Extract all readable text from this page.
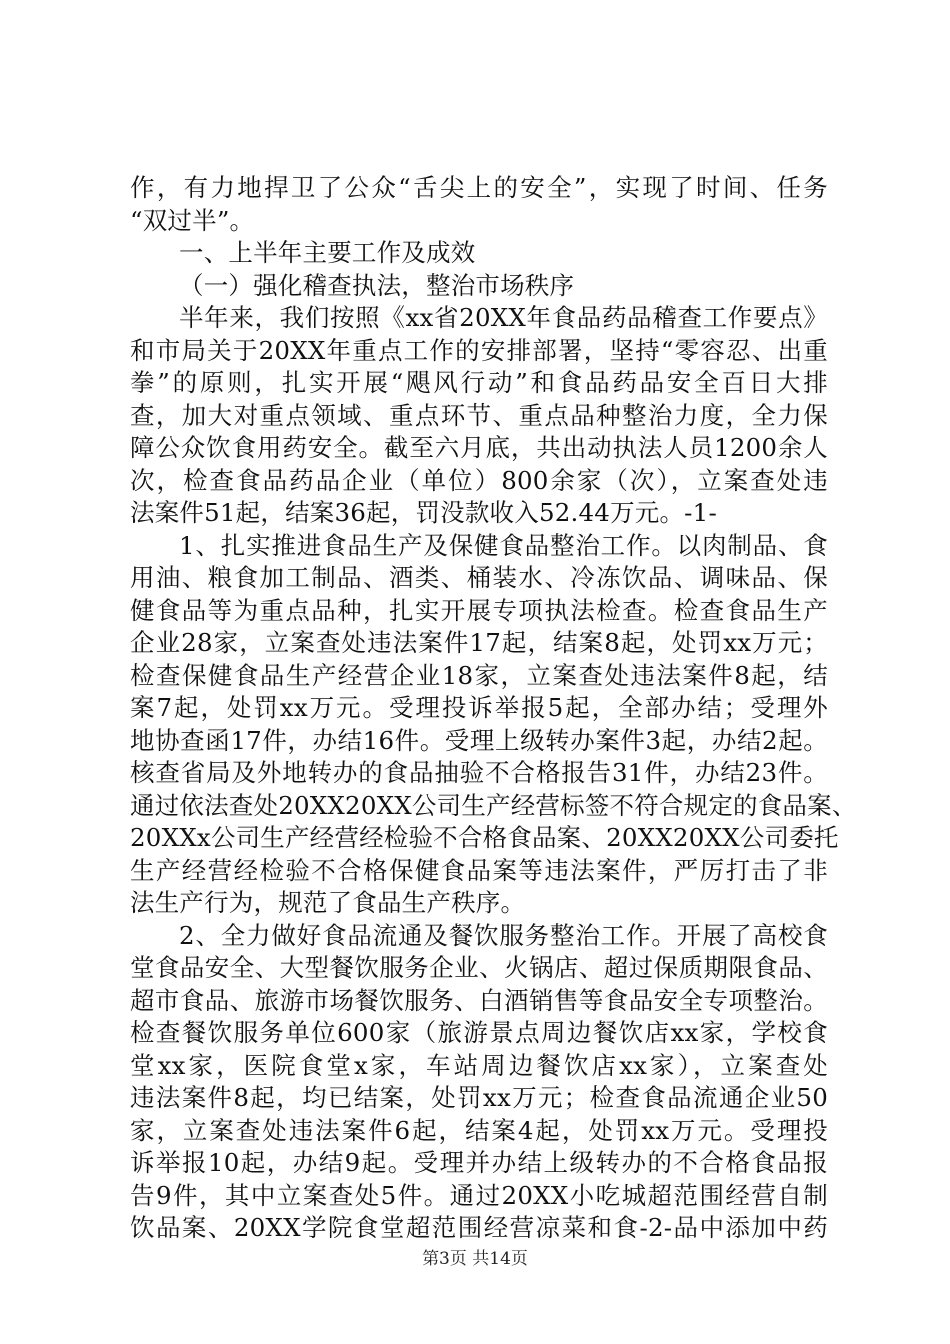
作，有力地捍卫了公众“舌尖上的安全”，实现了时间、任务
“双过半”。
一、上半年主要工作及成效
（一）强化稽查执法，整治市场秩序
半年来，我们按照《xx省20XX年食品药品稽查工作要点》
和市局关于20XX年重点工作的安排部署，坚持“零容忍、出重
拳”的原则，扎实开展“飓风行动”和食品药品安全百日大排
查，加大对重点领域、重点环节、重点品种整治力度，全力保
障公众饮食用药安全。截至六月底，共出动执法人员1200余人
次，检查食品药品企业（单位）800余家（次），立案查处违
法案件51起，结案36起，罚没款收入52.44万元。-1-
1、扎实推进食品生产及保健食品整治工作。以肉制品、食
用油、粮食加工制品、酒类、桶装水、冷冻饮品、调味品、保
健食品等为重点品种，扎实开展专项执法检查。检查食品生产
企业28家，立案查处违法案件17起，结案8起，处罚xx万元；
检查保健食品生产经营企业18家，立案查处违法案件8起，结
案7起，处罚xx万元。受理投诉举报5起，全部办结；受理外
地协查函17件，办结16件。受理上级转办案件3起，办结2起。
核查省局及外地转办的食品抽验不合格报告31件，办结23件。
通过依法查处20XX20XX公司生产经营标签不符合规定的食品案、
20XXx公司生产经营经检验不合格食品案、20XX20XX公司委托
生产经营经检验不合格保健食品案等违法案件，严厉打击了非
法生产行为，规范了食品生产秩序。
2、全力做好食品流通及餐饮服务整治工作。开展了高校食
堂食品安全、大型餐饮服务企业、火锅店、超过保质期限食品、
超市食品、旅游市场餐饮服务、白酒销售等食品安全专项整治。
检查餐饮服务单位600家（旅游景点周边餐饮店xx家，学校食
堂xx家，医院食堂x家，车站周边餐饮店xx家），立案查处
违法案件8起，均已结案，处罚xx万元；检查食品流通企业50
家，立案查处违法案件6起，结案4起，处罚xx万元。受理投
诉举报10起，办结9起。受理并办结上级转办的不合格食品报
告9件，其中立案查处5件。通过20XX小吃城超范围经营自制
饮品案、20XX学院食堂超范围经营凉菜和食-2-品中添加中药
第3页 共14页
